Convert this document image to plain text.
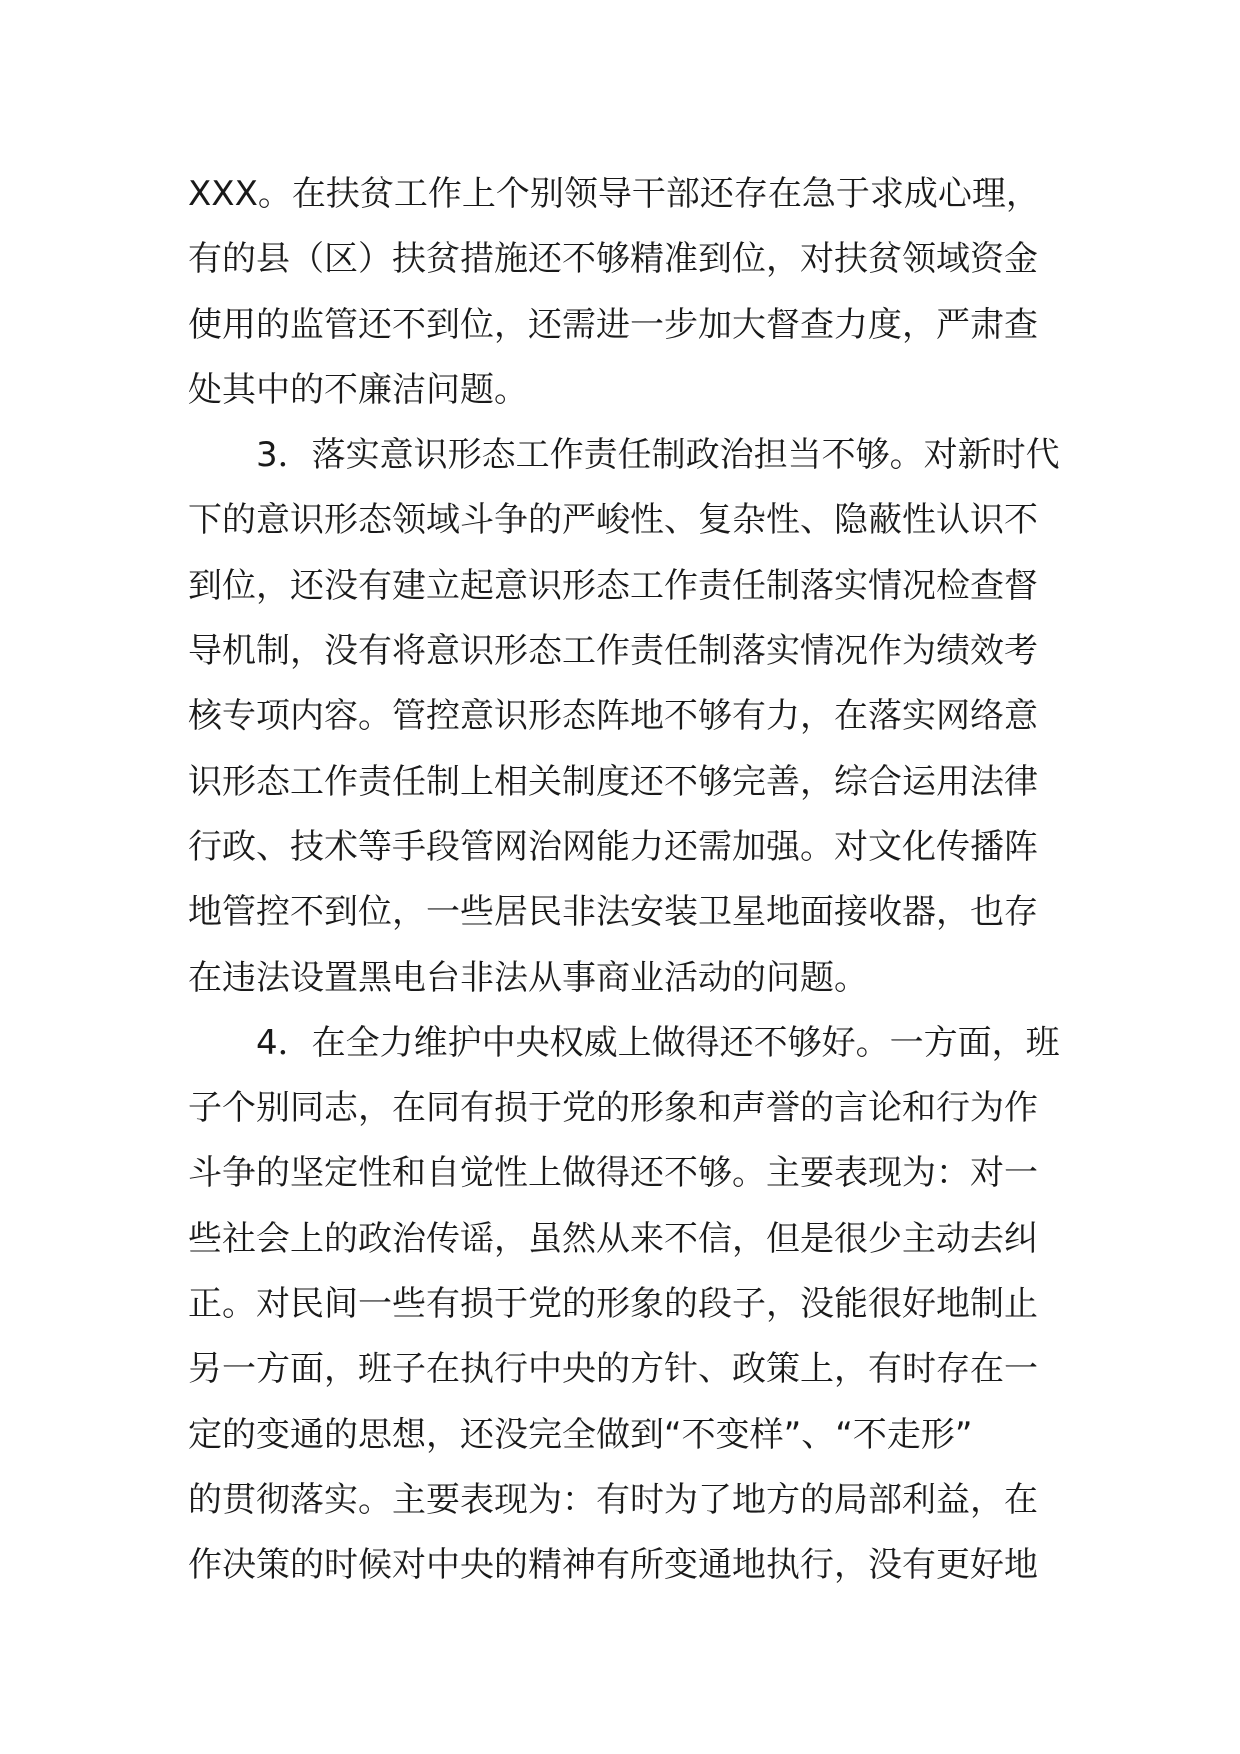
XXX。在扶贫工作上个别领导干部还存在急于求成心理，
有的县（区）扶贫措施还不够精准到位，对扶贫领域资金
使用的监管还不到位，还需进一步加大督查力度，严肃查
处其中的不廉洁问题。
3．落实意识形态工作责任制政治担当不够。对新时代
下的意识形态领域斗争的严峻性、复杂性、隐蔽性认识不
到位，还没有建立起意识形态工作责任制落实情况检查督
导机制，没有将意识形态工作责任制落实情况作为绩效考
核专项内容。管控意识形态阵地不够有力，在落实网络意
识形态工作责任制上相关制度还不够完善，综合运用法律
行政、技术等手段管网治网能力还需加强。对文化传播阵
地管控不到位，一些居民非法安装卫星地面接收器，也存
在违法设置黑电台非法从事商业活动的问题。
4．在全力维护中央权威上做得还不够好。一方面，班
子个别同志，在同有损于党的形象和声誉的言论和行为作
斗争的坚定性和自觉性上做得还不够。主要表现为：对一
些社会上的政治传谣，虽然从来不信，但是很少主动去纠
正。对民间一些有损于党的形象的段子，没能很好地制止
另一方面，班子在执行中央的方针、政策上，有时存在一
定的变通的思想，还没完全做到“不变样”、“不走形”
的贯彻落实。主要表现为：有时为了地方的局部利益，在
作决策的时候对中央的精神有所变通地执行，没有更好地
